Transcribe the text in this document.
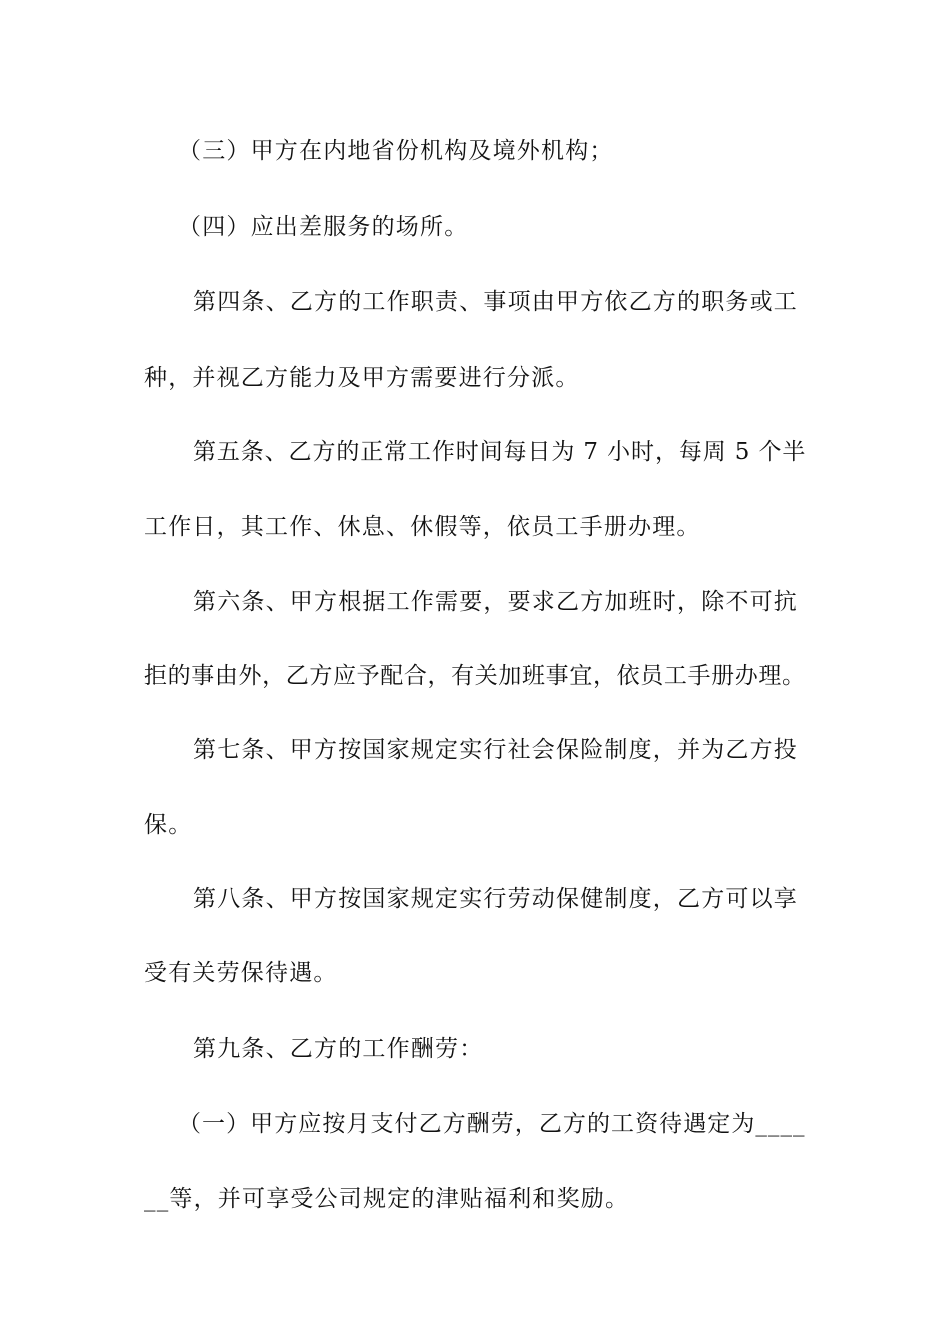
（三）甲方在内地省份机构及境外机构；
（四）应出差服务的场所。
第四条、乙方的工作职责、事项由甲方依乙方的职务或工
种，并视乙方能力及甲方需要进行分派。
第五条、乙方的正常工作时间每日为 7 小时，每周 5 个半
工作日，其工作、休息、休假等，依员工手册办理。
第六条、甲方根据工作需要，要求乙方加班时，除不可抗
拒的事由外，乙方应予配合，有关加班事宜，依员工手册办理。
第七条、甲方按国家规定实行社会保险制度，并为乙方投
保。
第八条、甲方按国家规定实行劳动保健制度，乙方可以享
受有关劳保待遇。
第九条、乙方的工作酬劳：
（一）甲方应按月支付乙方酬劳，乙方的工资待遇定为____
__等，并可享受公司规定的津贴福利和奖励。
